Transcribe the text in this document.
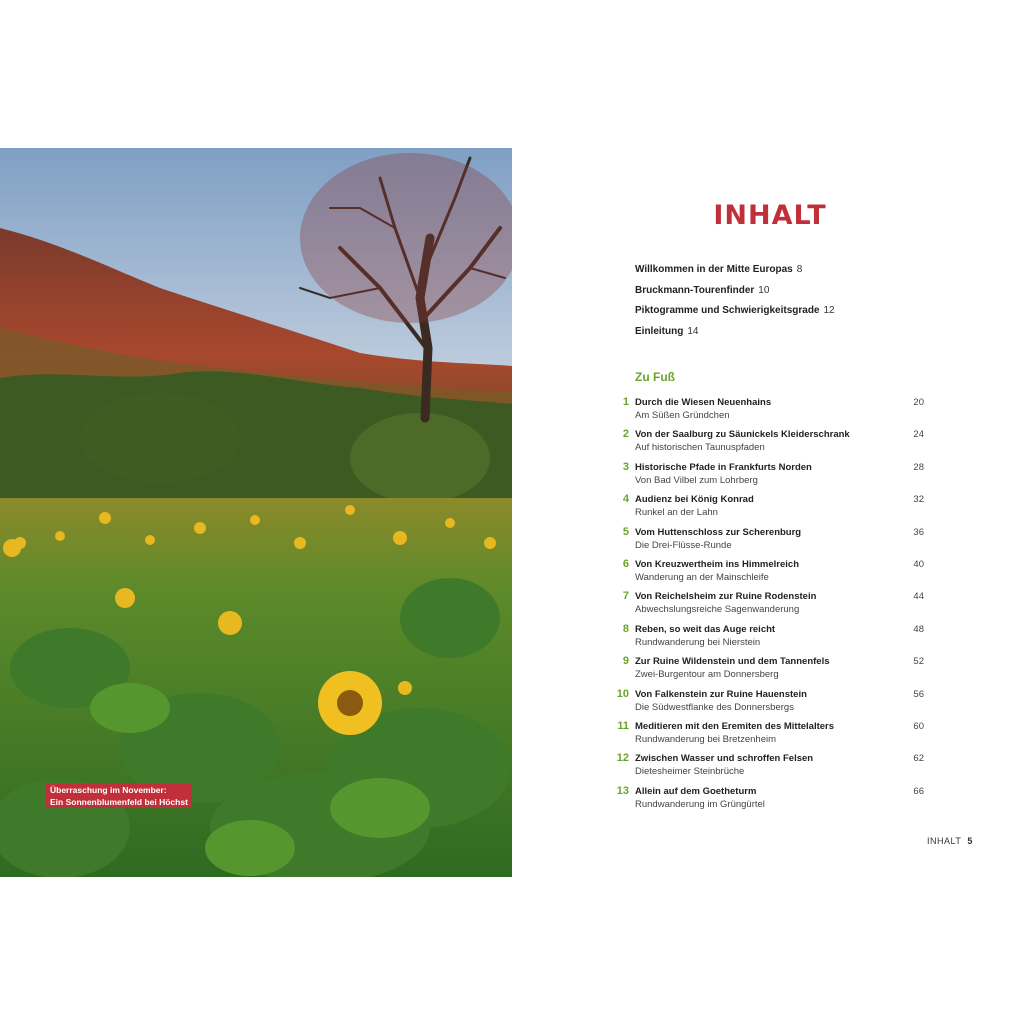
Überraschung im November:
Ein Sonnenblumenfeld bei Höchst
INHALT
Willkommen in der Mitte Europas 8
Bruckmann-Tourenfinder 10
Piktogramme und Schwierigkeitsgrade 12
Einleitung 14
Zu Fuß
1 Durch die Wiesen Neuenhains
Am Süßen Gründchen
20
2 Von der Saalburg zu Säunickels Kleiderschrank
Auf historischen Taunuspfaden
24
3 Historische Pfade in Frankfurts Norden
Von Bad Vilbel zum Lohrberg
28
4 Audienz bei König Konrad
Runkel an der Lahn
32
5 Vom Huttenschloss zur Scherenburg
Die Drei-Flüsse-Runde
36
6 Von Kreuzwertheim ins Himmelreich
Wanderung an der Mainschleife
40
7 Von Reichelsheim zur Ruine Rodenstein
Abwechslungsreiche Sagenwanderung
44
8 Reben, so weit das Auge reicht
Rundwanderung bei Nierstein
48
9 Zur Ruine Wildenstein und dem Tannenfels
Zwei-Burgentour am Donnersberg
52
10 Von Falkenstein zur Ruine Hauenstein
Die Südwestflanke des Donnersbergs
56
11 Meditieren mit den Eremiten des Mittelalters
Rundwanderung bei Bretzenheim
60
12 Zwischen Wasser und schroffen Felsen
Dietesheimer Steinbrüche
62
13 Allein auf dem Goetheturm
Rundwanderung im Grüngürtel
66
INHALT 5
